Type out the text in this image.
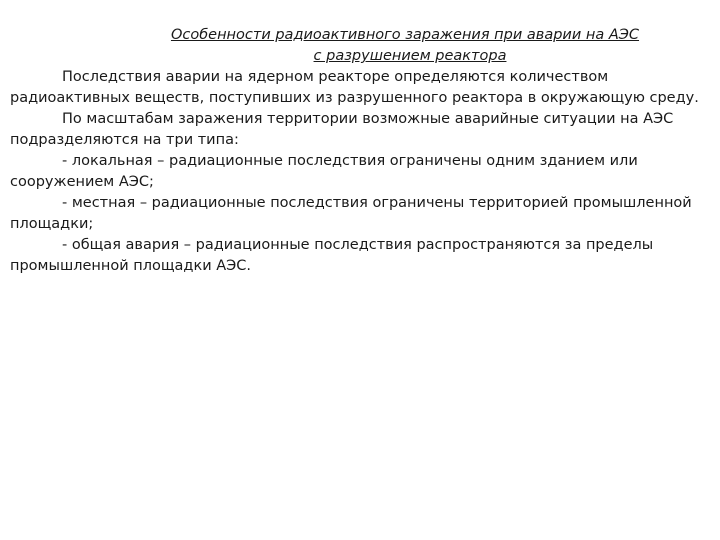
Особенности радиоактивного заражения при аварии на АЭС
с разрушением реактора

Последствия аварии на ядерном реакторе определяются количеством радиоактивных веществ, поступивших из разрушенного реактора в окружающую среду.

По масштабам заражения территории возможные аварийные ситуации на АЭС подразделяются на три типа:

- локальная – радиационные последствия ограничены одним зданием или сооружением АЭС;

- местная – радиационные последствия ограничены территорией промышленной площадки;

- общая авария – радиационные последствия распространяются за пределы промышленной площадки АЭС.
